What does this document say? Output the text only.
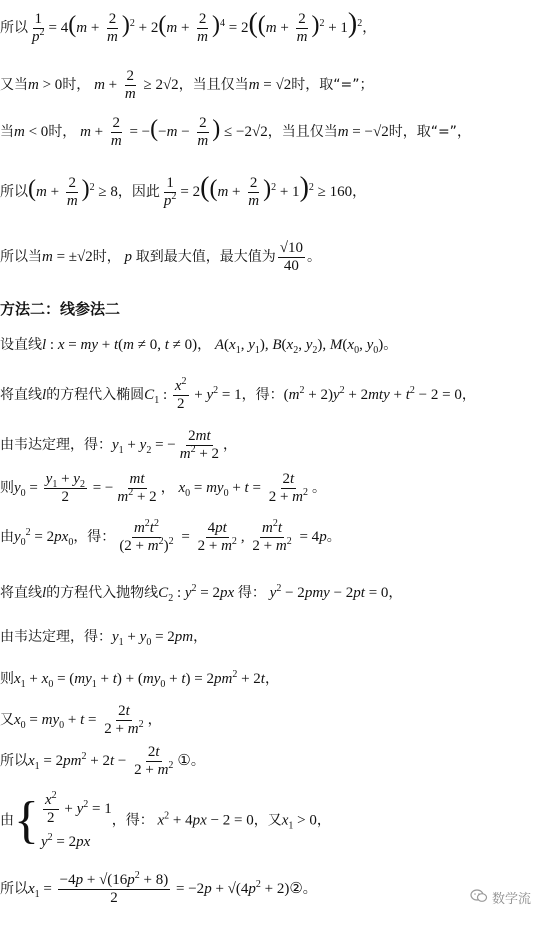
所以 $\frac{1}{p^2} = 4(m + \frac{2}{m} )^2 + 2(m + \frac{2}{m} )^4 = 2((m + \frac{2}{m} )^2 + 1)^2$，
又当m > 0时， $m + \frac{2}{m} \ge 2√2$，当且仅当m = √2时，取“=”；
当m < 0时， $m + \frac{2}{m} = -(-m - \frac{2}{m}$ ) ≤ −2√2，当且仅当m = −√2时，取“=”，
所以$(m + \frac{2}{m} )^2 \ge 8$，因此 $\frac{1}{p^2} = 2((m + \frac{2}{m} )^2 + 1)^2 \ge 160$，
所以当m = ±√2时， p 取到最大值，最大值为 $\frac{√10}{40}$ 。
方法二：线参法二
设直线l : x = my + t(m ≠ 0, t ≠ 0)， $A(x_1$, $y_1$), $B(x_2$, $y_2$), $M(x_0$, $y_0$)。
将直线l的方程代入椭圆$C_1$ : $\frac{x^2}{2} + y^2 = 1$，得：$(m^2 + 2)y^2 + 2mty + t^2 - 2 = 0$，
由韦达定理，得：$y_1 + y_2$ = − $\frac{2mt}{m^2 + 2}$ ，
则$y_0 = \frac{y_1 + y_2}{2}$ = − $\frac{mt}{m^2 + 2}$ ， $x_0 = my_0 + t = \frac{2t}{2 + m^2}$ 。
由$y_0^2 = 2px_0$，得： $\frac{m^2t^2}{(2 + m^2)^2} = \frac{4pt}{2 + m^2}$ , $\frac{m^2t}{2 + m^2} = 4p$。
将直线l的方程代入抛物线$C_2$ : $y^2 = 2px$ 得： $y^2 - 2pmy - 2pt = 0$，
由韦达定理，得：$y_1 + y_0 = 2pm$，
则$x_1 + x_0 = (my_1 + t) + (my_0 + t) = 2pm^2 + 2t$，
又$x_0 = my_0 + t = \frac{2t}{2 + m^2}$ ，
所以$x_1 = 2pm^2 + 2t - \frac{2t}{2 + m^2}$ ①。
由 { $\frac{x^2}{2} + y^2 = 1$
$y^2 = 2px$
，得： $x^2 + 4px - 2 = 0$，又$x_1 > 0$，
所以$x_1 = \frac{-4p + √(16p^2 + 8)}{2} = -2p + √(4p^2$ + 2)②。
数学流
